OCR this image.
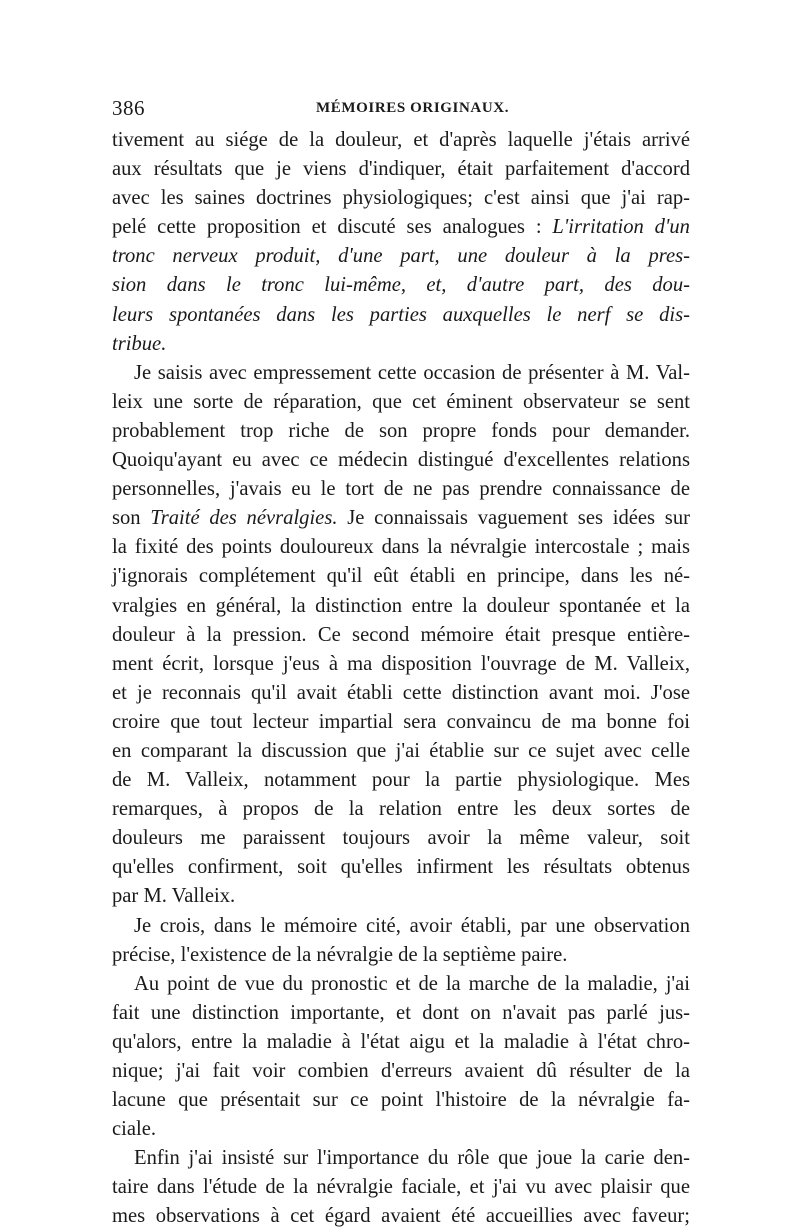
386	MÉMOIRES ORIGINAUX.
tivement au siége de la douleur, et d'après laquelle j'étais arrivé
aux résultats que je viens d'indiquer, était parfaitement d'accord
avec les saines doctrines physiologiques; c'est ainsi que j'ai rap-
pelé cette proposition et discuté ses analogues : L'irritation d'un
tronc nerveux produit, d'une part, une douleur à la pres-
sion dans le tronc lui-même, et, d'autre part, des dou-
leurs spontanées dans les parties auxquelles le nerf se dis-
tribue.
Je saisis avec empressement cette occasion de présenter à M. Val-
leix une sorte de réparation, que cet éminent observateur se sent
probablement trop riche de son propre fonds pour demander.
Quoiqu'ayant eu avec ce médecin distingué d'excellentes relations
personnelles, j'avais eu le tort de ne pas prendre connaissance de
son Traité des névralgies. Je connaissais vaguement ses idées sur
la fixité des points douloureux dans la névralgie intercostale ; mais
j'ignorais complétement qu'il eût établi en principe, dans les né-
vralgies en général, la distinction entre la douleur spontanée et la
douleur à la pression. Ce second mémoire était presque entière-
ment écrit, lorsque j'eus à ma disposition l'ouvrage de M. Valleix,
et je reconnais qu'il avait établi cette distinction avant moi. J'ose
croire que tout lecteur impartial sera convaincu de ma bonne foi
en comparant la discussion que j'ai établie sur ce sujet avec celle
de M. Valleix, notamment pour la partie physiologique. Mes
remarques, à propos de la relation entre les deux sortes de
douleurs me paraissent toujours avoir la même valeur, soit
qu'elles confirment, soit qu'elles infirment les résultats obtenus
par M. Valleix.
Je crois, dans le mémoire cité, avoir établi, par une observation
précise, l'existence de la névralgie de la septième paire.
Au point de vue du pronostic et de la marche de la maladie, j'ai
fait une distinction importante, et dont on n'avait pas parlé jus-
qu'alors, entre la maladie à l'état aigu et la maladie à l'état chro-
nique; j'ai fait voir combien d'erreurs avaient dû résulter de la
lacune que présentait sur ce point l'histoire de la névralgie fa-
ciale.
Enfin j'ai insisté sur l'importance du rôle que joue la carie den-
taire dans l'étude de la névralgie faciale, et j'ai vu avec plaisir que
mes observations à cet égard avaient été accueillies avec faveur;
